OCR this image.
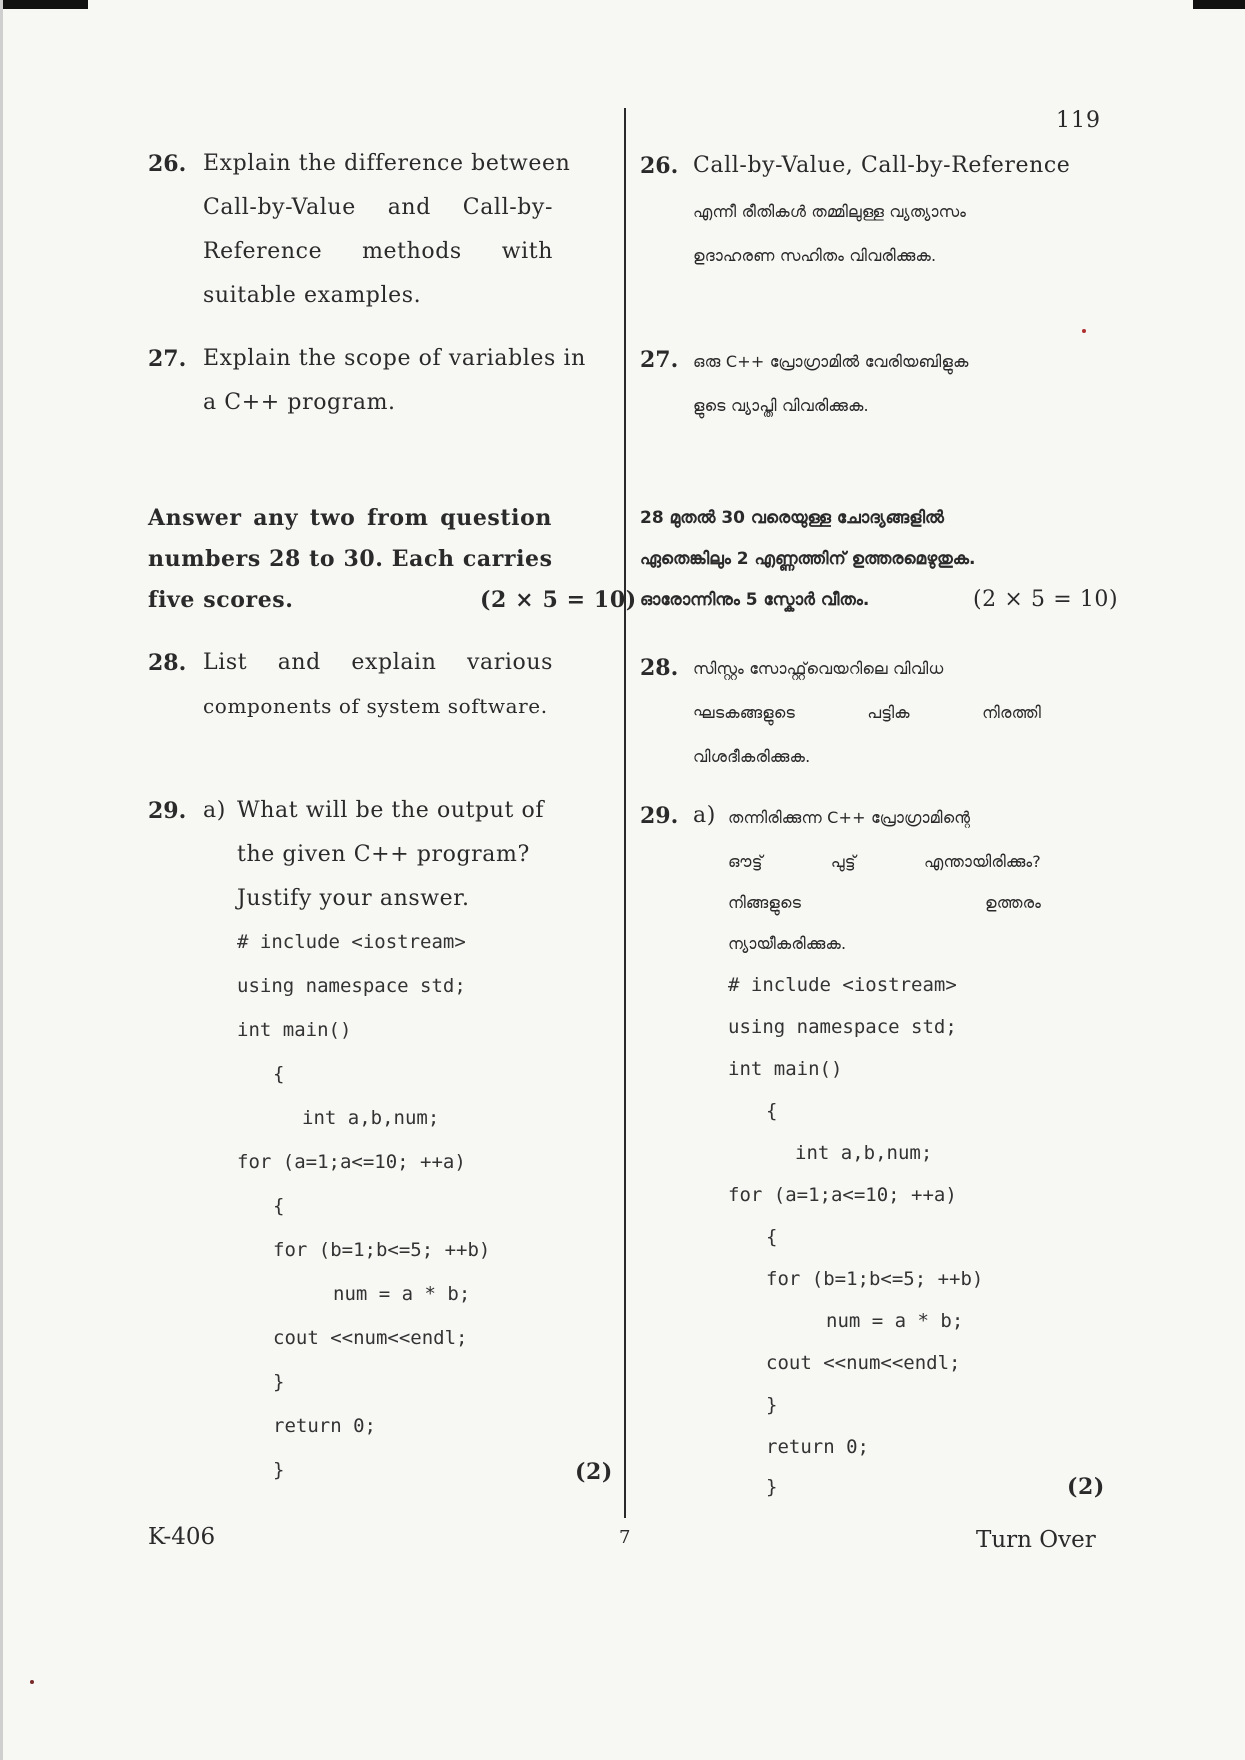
119
26. Explain the difference between
Call-by-Value and Call-by-
Reference methods with
suitable examples.
27. Explain the scope of variables in
a C++ program.
Answer any two from question
numbers 28 to 30. Each carries
five scores.	(2 × 5 = 10)
28. List and explain various
components of system software.
29. a) What will be the output of
the given C++ program?
Justify your answer.
# include <iostream>
using namespace std;
int main()
{
int a,b,num;
for (a=1;a<=10; ++a)
{
for (b=1;b<=5; ++b)
num = a * b;
cout <<num<<endl;
}
return 0;
}	(2)
26. Call-by-Value, Call-by-Reference
എന്നീ രീതികൾ തമ്മിലുള്ള വ്യത്യാസം
ഉദാഹരണ സഹിതം വിവരിക്കുക.
27. ഒരു C++ പ്രോഗ്രാമിൽ വേരിയബിളുക
ളുടെ വ്യാപ്തി വിവരിക്കുക.
28 മുതൽ 30 വരെയുള്ള ചോദ്യങ്ങളിൽ
ഏതെങ്കിലും 2 എണ്ണത്തിന് ഉത്തരമെഴുതുക.
ഓരോന്നിനും 5 സ്കോർ വീതം.	(2 × 5 = 10)
28. സിസ്റ്റം സോഫ്റ്റ്‌വെയറിലെ വിവിധ
ഘടകങ്ങളുടെ പട്ടിക നിരത്തി
വിശദീകരിക്കുക.
29. a) തന്നിരിക്കുന്ന C++ പ്രോഗ്രാമിന്റെ
ഔട്ട് പുട്ട് എന്തായിരിക്കും?
നിങ്ങളുടെ ഉത്തരം
ന്യായീകരിക്കുക.
# include <iostream>
using namespace std;
int main()
{
int a,b,num;
for (a=1;a<=10; ++a)
{
for (b=1;b<=5; ++b)
num = a * b;
cout <<num<<endl;
}
return 0;
}	(2)
K-406	7	Turn Over
